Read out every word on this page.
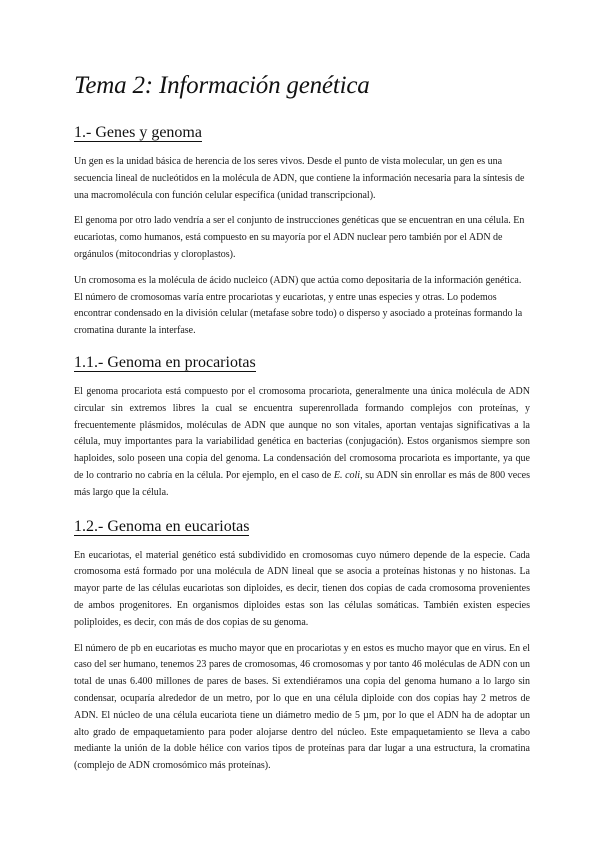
Tema 2: Información genética
1.- Genes y genoma

Un gen es la unidad básica de herencia de los seres vivos. Desde el punto de vista molecular, un gen es una secuencia lineal de nucleótidos en la molécula de ADN, que contiene la información necesaria para la síntesis de una macromolécula con función celular específica (unidad transcripcional).

El genoma por otro lado vendría a ser el conjunto de instrucciones genéticas que se encuentran en una célula. En eucariotas, como humanos, está compuesto en su mayoría por el ADN nuclear pero también por el ADN de orgánulos (mitocondrias y cloroplastos).

Un cromosoma es la molécula de ácido nucleico (ADN) que actúa como depositaria de la información genética. El número de cromosomas varía entre procariotas y eucariotas, y entre unas especies y otras. Lo podemos encontrar condensado en la división celular (metafase sobre todo) o disperso y asociado a proteínas formando la cromatina durante la interfase.

1.1.- Genoma en procariotas

El genoma procariota está compuesto por el cromosoma procariota, generalmente una única molécula de ADN circular sin extremos libres la cual se encuentra superenrollada formando complejos con proteínas, y frecuentemente plásmidos, moléculas de ADN que aunque no son vitales, aportan ventajas significativas a la célula, muy importantes para la variabilidad genética en bacterias (conjugación). Estos organismos siempre son haploides, solo poseen una copia del genoma. La condensación del cromosoma procariota es importante, ya que de lo contrario no cabría en la célula. Por ejemplo, en el caso de E. coli, su ADN sin enrollar es más de 800 veces más largo que la célula.

1.2.- Genoma en eucariotas

En eucariotas, el material genético está subdividido en cromosomas cuyo número depende de la especie. Cada cromosoma está formado por una molécula de ADN lineal que se asocia a proteínas histonas y no histonas. La mayor parte de las células eucariotas son diploides, es decir, tienen dos copias de cada cromosoma provenientes de ambos progenitores. En organismos diploides estas son las células somáticas. También existen especies poliploides, es decir, con más de dos copias de su genoma.

El número de pb en eucariotas es mucho mayor que en procariotas y en estos es mucho mayor que en virus. En el caso del ser humano, tenemos 23 pares de cromosomas, 46 cromosomas y por tanto 46 moléculas de ADN con un total de unas 6.400 millones de pares de bases. Si extendiéramos una copia del genoma humano a lo largo sin condensar, ocuparía alrededor de un metro, por lo que en una célula diploide con dos copias hay 2 metros de ADN. El núcleo de una célula eucariota tiene un diámetro medio de 5 µm, por lo que el ADN ha de adoptar un alto grado de empaquetamiento para poder alojarse dentro del núcleo. Este empaquetamiento se lleva a cabo mediante la unión de la doble hélice con varios tipos de proteínas para dar lugar a una estructura, la cromatina (complejo de ADN cromosómico más proteínas).
